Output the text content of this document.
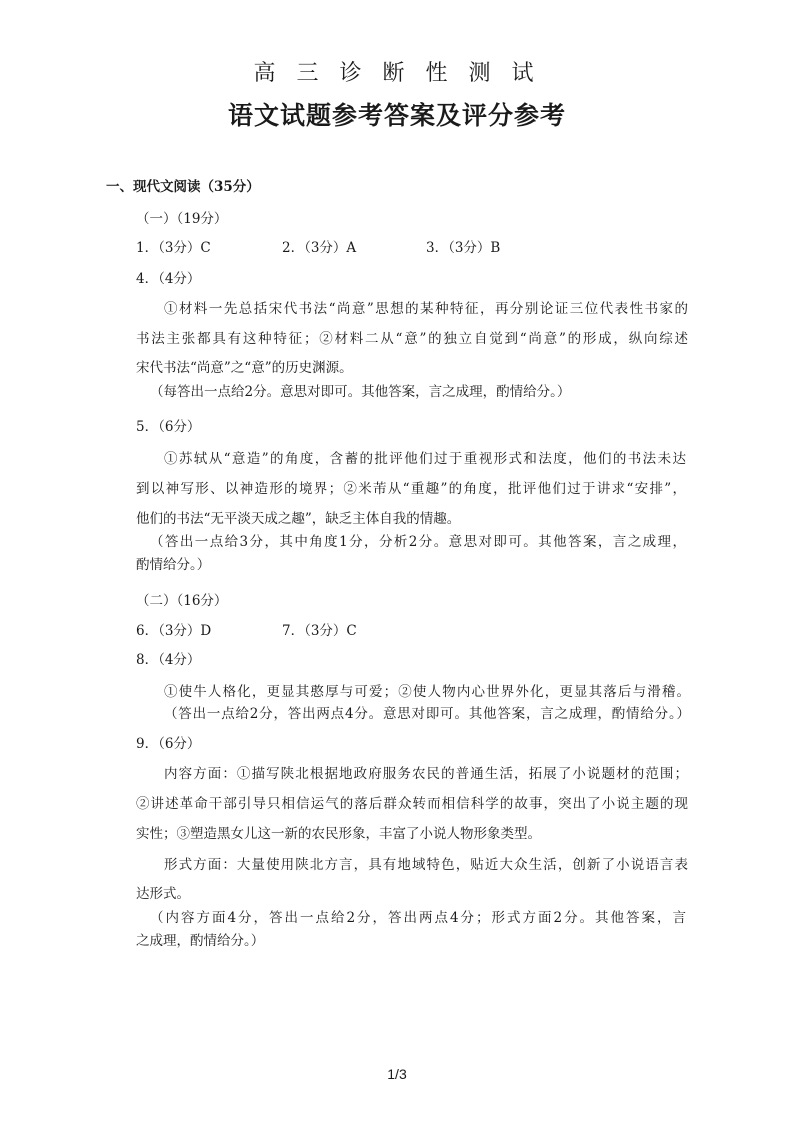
高 三 诊 断 性 测 试
语文试题参考答案及评分参考
一、现代文阅读（35分）
（一）（19分）
1．（3分）C	2．（3分）A	3．（3分）B
4．（4分）
①材料一先总括宋代书法“尚意”思想的某种特征，再分别论证三位代表性书家的
书法主张都具有这种特征；②材料二从“意”的独立自觉到“尚意”的形成，纵向综述
宋代书法“尚意”之“意”的历史渊源。
（每答出一点给2分。意思对即可。其他答案，言之成理，酌情给分。）
5．（6分）
①苏轼从“意造”的角度，含蓄的批评他们过于重视形式和法度，他们的书法未达
到以神写形、以神造形的境界；②米芾从“重趣”的角度，批评他们过于讲求“安排”，
他们的书法“无平淡天成之趣”，缺乏主体自我的情趣。
（答出一点给3分，其中角度1分，分析2分。意思对即可。其他答案，言之成理，
酌情给分。）
（二）（16分）
6．（3分）D	7．（3分）C
8．（4分）
①使牛人格化，更显其憨厚与可爱；②使人物内心世界外化，更显其落后与滑稽。
（答出一点给2分，答出两点4分。意思对即可。其他答案，言之成理，酌情给分。）
9．（6分）
内容方面：①描写陕北根据地政府服务农民的普通生活，拓展了小说题材的范围；
②讲述革命干部引导只相信运气的落后群众转而相信科学的故事，突出了小说主题的现
实性；③塑造黑女儿这一新的农民形象，丰富了小说人物形象类型。
形式方面：大量使用陕北方言，具有地域特色，贴近大众生活，创新了小说语言表
达形式。
（内容方面4分，答出一点给2分，答出两点4分；形式方面2分。其他答案，言
之成理，酌情给分。）
1/3
